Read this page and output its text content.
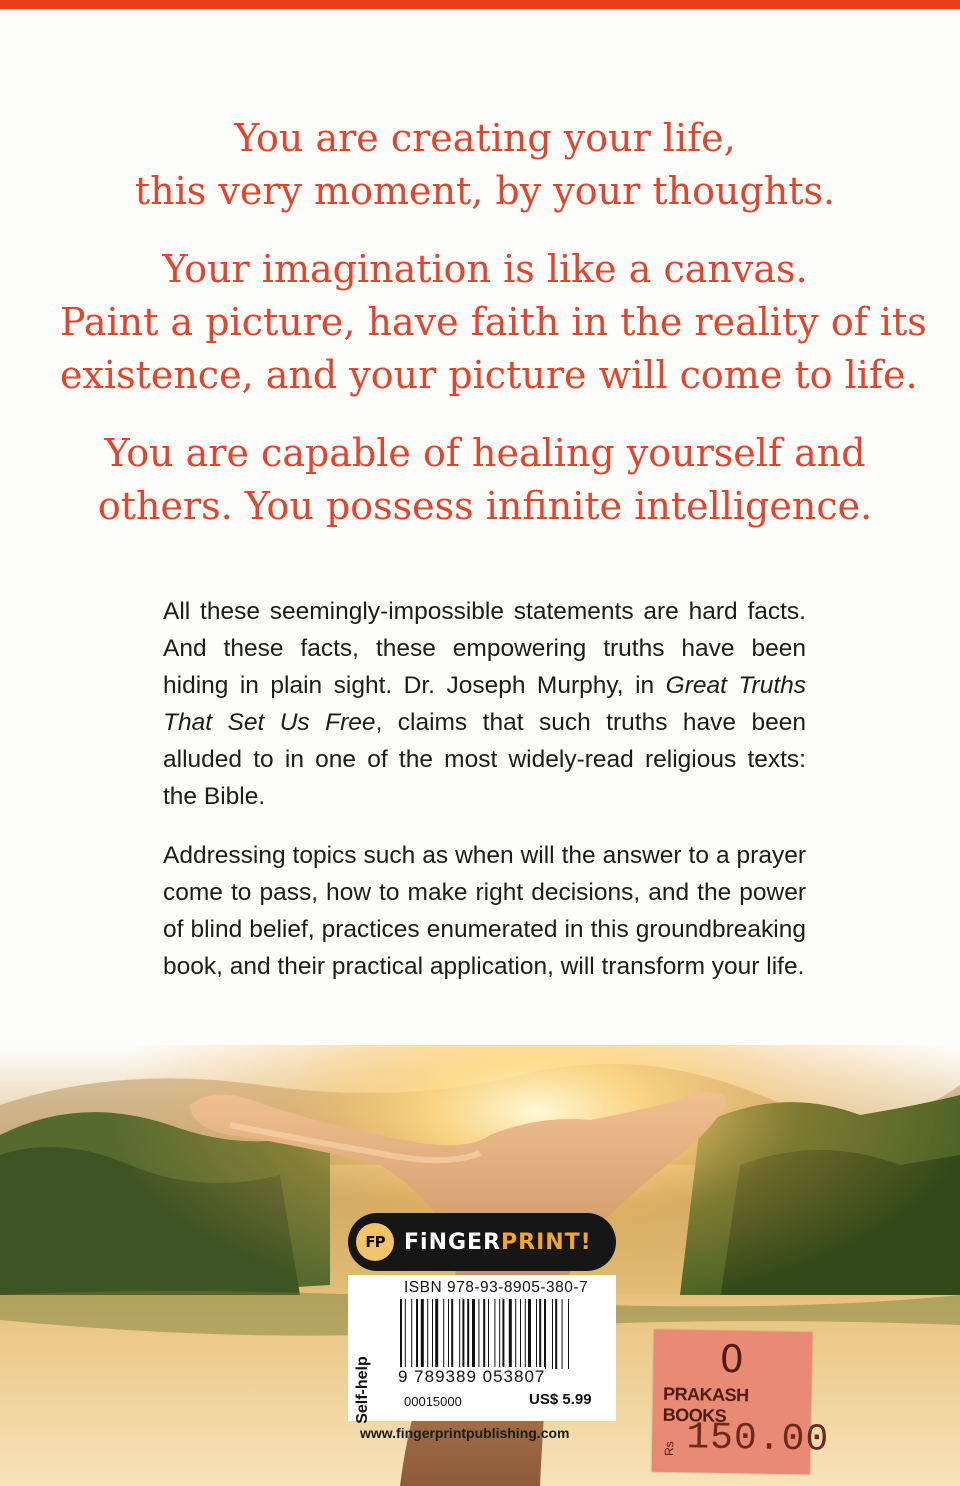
You are creating your life,
this very moment, by your thoughts.

Your imagination is like a canvas.
Paint a picture, have faith in the reality of its
existence, and your picture will come to life.

You are capable of healing yourself and
others. You possess infinite intelligence.

All these seemingly-impossible statements are hard facts. And these facts, these empowering truths have been hiding in plain sight. Dr. Joseph Murphy, in Great Truths That Set Us Free, claims that such truths have been alluded to in one of the most widely-read religious texts: the Bible.

Addressing topics such as when will the answer to a prayer come to pass, how to make right decisions, and the power of blind belief, practices enumerated in this groundbreaking book, and their practical application, will transform your life.

FP FiNGERPRINT!
Self-help
ISBN 978-93-8905-380-7
9 789389 053807
00015000	US$ 5.99
www.fingerprintpublishing.com
0
PRAKASH BOOKS
Rs 150.00
